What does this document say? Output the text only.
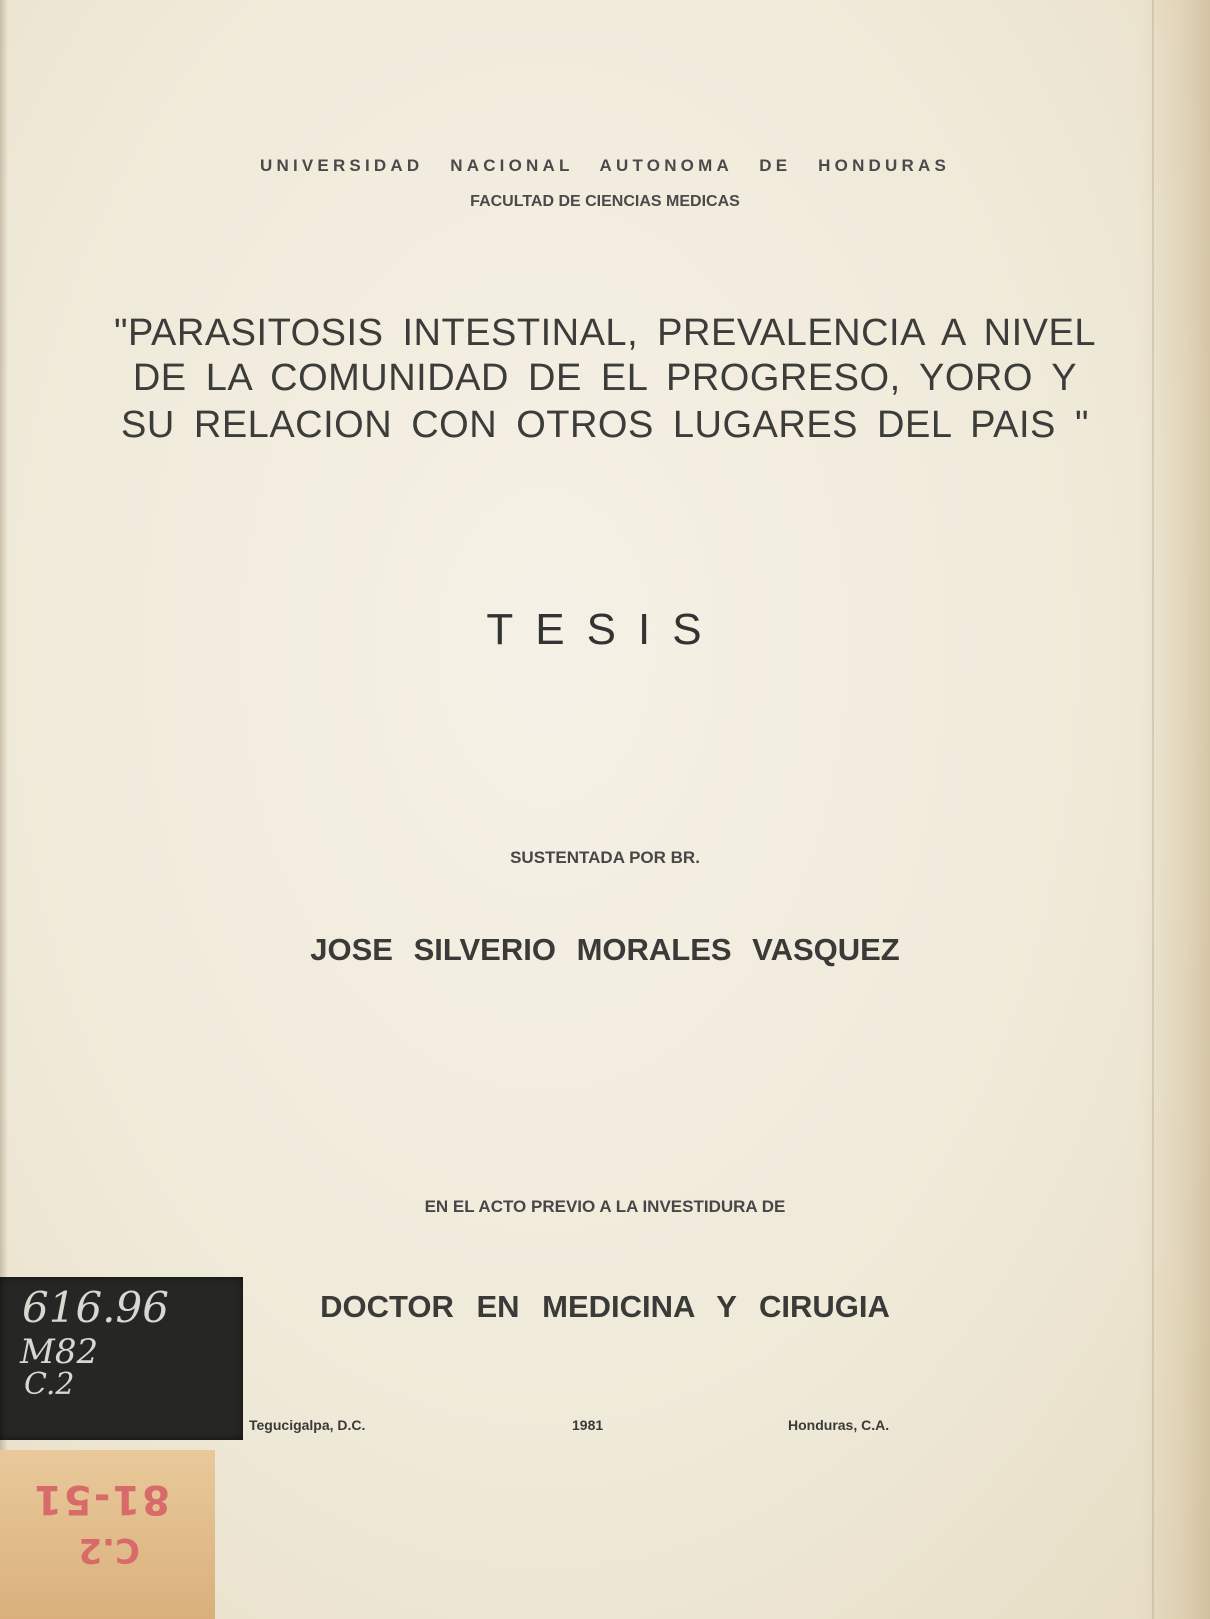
UNIVERSIDAD NACIONAL AUTONOMA DE HONDURAS
FACULTAD DE CIENCIAS MEDICAS
"PARASITOSIS INTESTINAL, PREVALENCIA A NIVEL
DE LA COMUNIDAD DE EL PROGRESO, YORO Y
SU RELACION CON OTROS LUGARES DEL PAIS "
TESIS
SUSTENTADA POR BR.
JOSE SILVERIO MORALES VASQUEZ
EN EL ACTO PREVIO A LA INVESTIDURA DE
DOCTOR EN MEDICINA Y CIRUGIA
Tegucigalpa, D.C.	1981	Honduras, C.A.
616.96
M82
C.2
81-51
C.2
